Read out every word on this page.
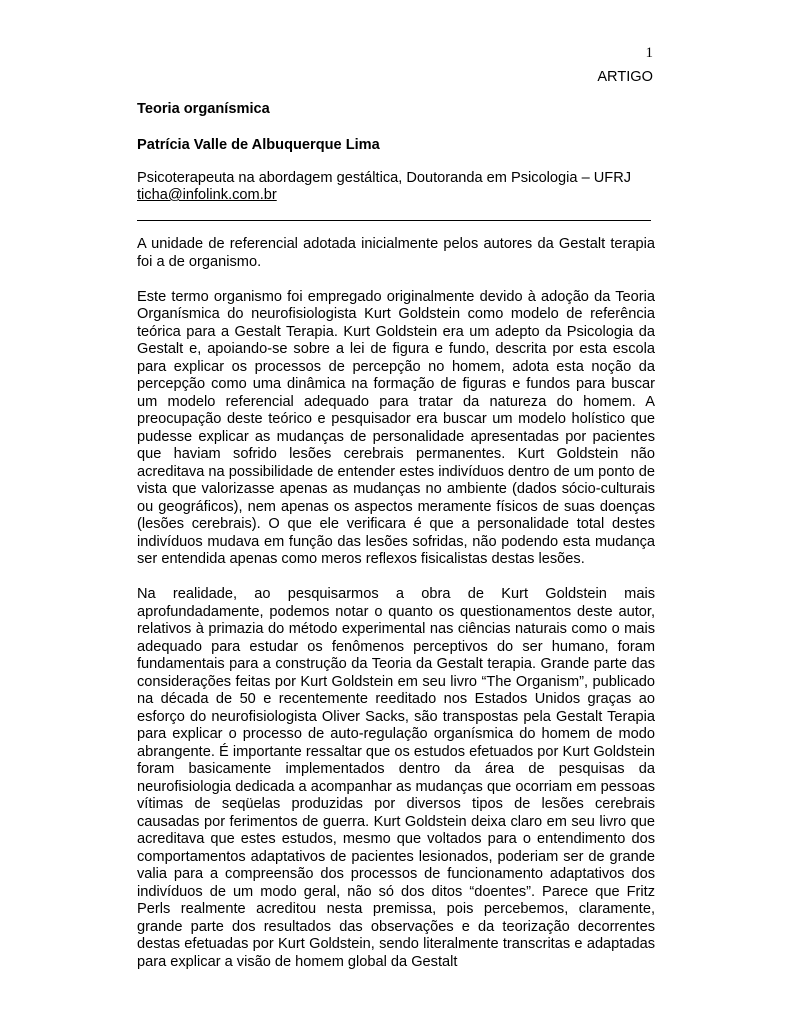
1
ARTIGO
Teoria organísmica
Patrícia Valle de Albuquerque Lima
Psicoterapeuta na abordagem gestáltica, Doutoranda em Psicologia – UFRJ
ticha@infolink.com.br

A unidade de referencial adotada inicialmente pelos autores da Gestalt terapia foi a de organismo.

Este termo organismo foi empregado originalmente devido à adoção da Teoria Organísmica do neurofisiologista Kurt Goldstein como modelo de referência teórica para a Gestalt Terapia. Kurt Goldstein era um adepto da Psicologia da Gestalt e, apoiando-se sobre a lei de figura e fundo, descrita por esta escola para explicar os processos de percepção no homem, adota esta noção da percepção como uma dinâmica na formação de figuras e fundos para buscar um modelo referencial adequado para tratar da natureza do homem. A preocupação deste teórico e pesquisador era buscar um modelo holístico que pudesse explicar as mudanças de personalidade apresentadas por pacientes que haviam sofrido lesões cerebrais permanentes. Kurt Goldstein não acreditava na possibilidade de entender estes indivíduos dentro de um ponto de vista que valorizasse apenas as mudanças no ambiente (dados sócio-culturais ou geográficos), nem apenas os aspectos meramente físicos de suas doenças (lesões cerebrais). O que ele verificara é que a personalidade total destes indivíduos mudava em função das lesões sofridas, não podendo esta mudança ser entendida apenas como meros reflexos fisicalistas destas lesões.

Na realidade, ao pesquisarmos a obra de Kurt Goldstein mais aprofundadamente, podemos notar o quanto os questionamentos deste autor, relativos à primazia do método experimental nas ciências naturais como o mais adequado para estudar os fenômenos perceptivos do ser humano, foram fundamentais para a construção da Teoria da Gestalt terapia. Grande parte das considerações feitas por Kurt Goldstein em seu livro “The Organism”, publicado na década de 50 e recentemente reeditado nos Estados Unidos graças ao esforço do neurofisiologista Oliver Sacks, são transpostas pela Gestalt Terapia para explicar o processo de auto-regulação organísmica do homem de modo abrangente. É importante ressaltar que os estudos efetuados por Kurt Goldstein foram basicamente implementados dentro da área de pesquisas da neurofisiologia dedicada a acompanhar as mudanças que ocorriam em pessoas vítimas de seqüelas produzidas por diversos tipos de lesões cerebrais causadas por ferimentos de guerra. Kurt Goldstein deixa claro em seu livro que acreditava que estes estudos, mesmo que voltados para o entendimento dos comportamentos adaptativos de pacientes lesionados, poderiam ser de grande valia para a compreensão dos processos de funcionamento adaptativos dos indivíduos de um modo geral, não só dos ditos “doentes”. Parece que Fritz Perls realmente acreditou nesta premissa, pois percebemos, claramente, grande parte dos resultados das observações e da teorização decorrentes destas efetuadas por Kurt Goldstein, sendo literalmente transcritas e adaptadas para explicar a visão de homem global da Gestalt
